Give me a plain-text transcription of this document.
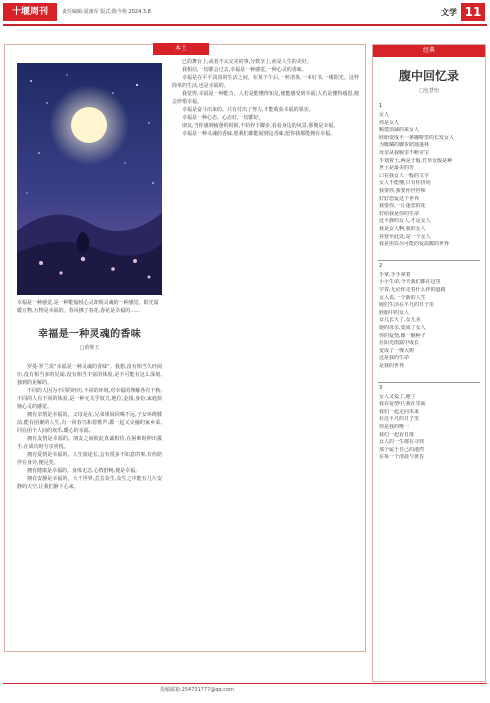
十堰周刊	责任编辑:夏康军 版式:陈今艳 2024.3.8	文学 11
本土
幸福是一种感觉,是一种能愉悦心灵却脱灵魂的一种感觉。阳光温暖万物,万物是幸福的。春风拂了春花,春花是幸福的……
幸福是一种灵魂的香味
□黄继玉

罗曼·罗兰说“幸福是一种灵魂的香味”。我想,没有相当久经阅历,没有相当多的见闻,没有相当丰富的体验,是不可能有这么深刻,独到的见解的。

不同的人因为不同的经历,不同的环境,对幸福的理解各有千秋;不同的人有不同的体验,是一种无关乎权力,地位,金钱,身份,家庭烦恼心灵的感觉。

拥有亲情是幸福的。父母是在,兄弟姐妹同喝不远,子女环绕膝前,能有团聚的人生,有一回春鸟和着歌声,都一起又交融的家乡菜,同在团个人间的欢乐,暖心的幸福。

拥有友情是幸福的。朋友之间彼此真诚相待,在困难时伸出援手,在成功时分享喜悦。

拥有爱情是幸福的。人生旅途长,会有很多不如意的事,有你陪伴在身旁,便足矣。

拥有健康是幸福的。身体无恙,心情舒畅,便是幸福。

拥有安静是幸福的。大千世界,芸芸众生,众生之中能有几片安静的天空,让我们静下心来。

已的舞台上,或者不太完美的事,分数享上,而是人生的美好。

我相信,一切都会过去,幸福是一种感觉,一种心灵的香味。

幸福是在平平淡淡的生活之间。在某个午后,一杯清茶,一本好书,一缕阳光。这样简单的生活,也是幸福的。

我觉得,幸福是一种能力。人若是能懂得知足,便能感受到幸福;人若是懂得感恩,便会珍惜幸福。

幸福是奋斗出来的。只有付出了努力,才能收获幸福的果实。

幸福是一种心态。心态好,一切都好。

朋友,当你感到疲惫的时候,不妨停下脚步,看看身边的风景,那便是幸福。

幸福是一种灵魂的香味,愿我们都能闻到这香味,愿你我都能拥有幸福。

投稿邮箱:254731777@qq.com
经典
腹中回忆录
□包慧怡
1
女人
你是女人
赐建消减的来女人
胚胎变成平一条咖啡里的长发女人
为暖橘的脚步陪蒲蓬林
母亲从我腹里不断舍宝
手划着土,两是于般,竹草女般是种
世土是最美的苦
口在我女人一般的文字
女人不能懂,只有你挤向
我要你,我要你世世和
好好恋爱这个世界
我要你,一片迷恋的花
好给我是你的生命
这平静的女人,才是女人
我是女人啊,我的女人
春寒至此处,是一个女人
我是用以尽可能的爱温暖的世界
2
手掌,手手掌着
小小生命,今天我们都在这里
学着,无论你走着什么样的道路
女人说,一个新的人生
她们生活在平凡的日子里
胚胎中的女人
女儿长大了,女儿美
她的母亲,变成了女人
你的爱情,像一颗种子
在阳光雨露中成长
变成了一棵大树
这是我的生命
是我的世界
3
女人又爱了,她了
我在爱情中,我在里面
我们一起走向未来
在这平凡的日子里
你是我的唯一
我们一起看日落
女人的一生都在寻找
那个属于自己的港湾
在每一个清晨与黄昏
